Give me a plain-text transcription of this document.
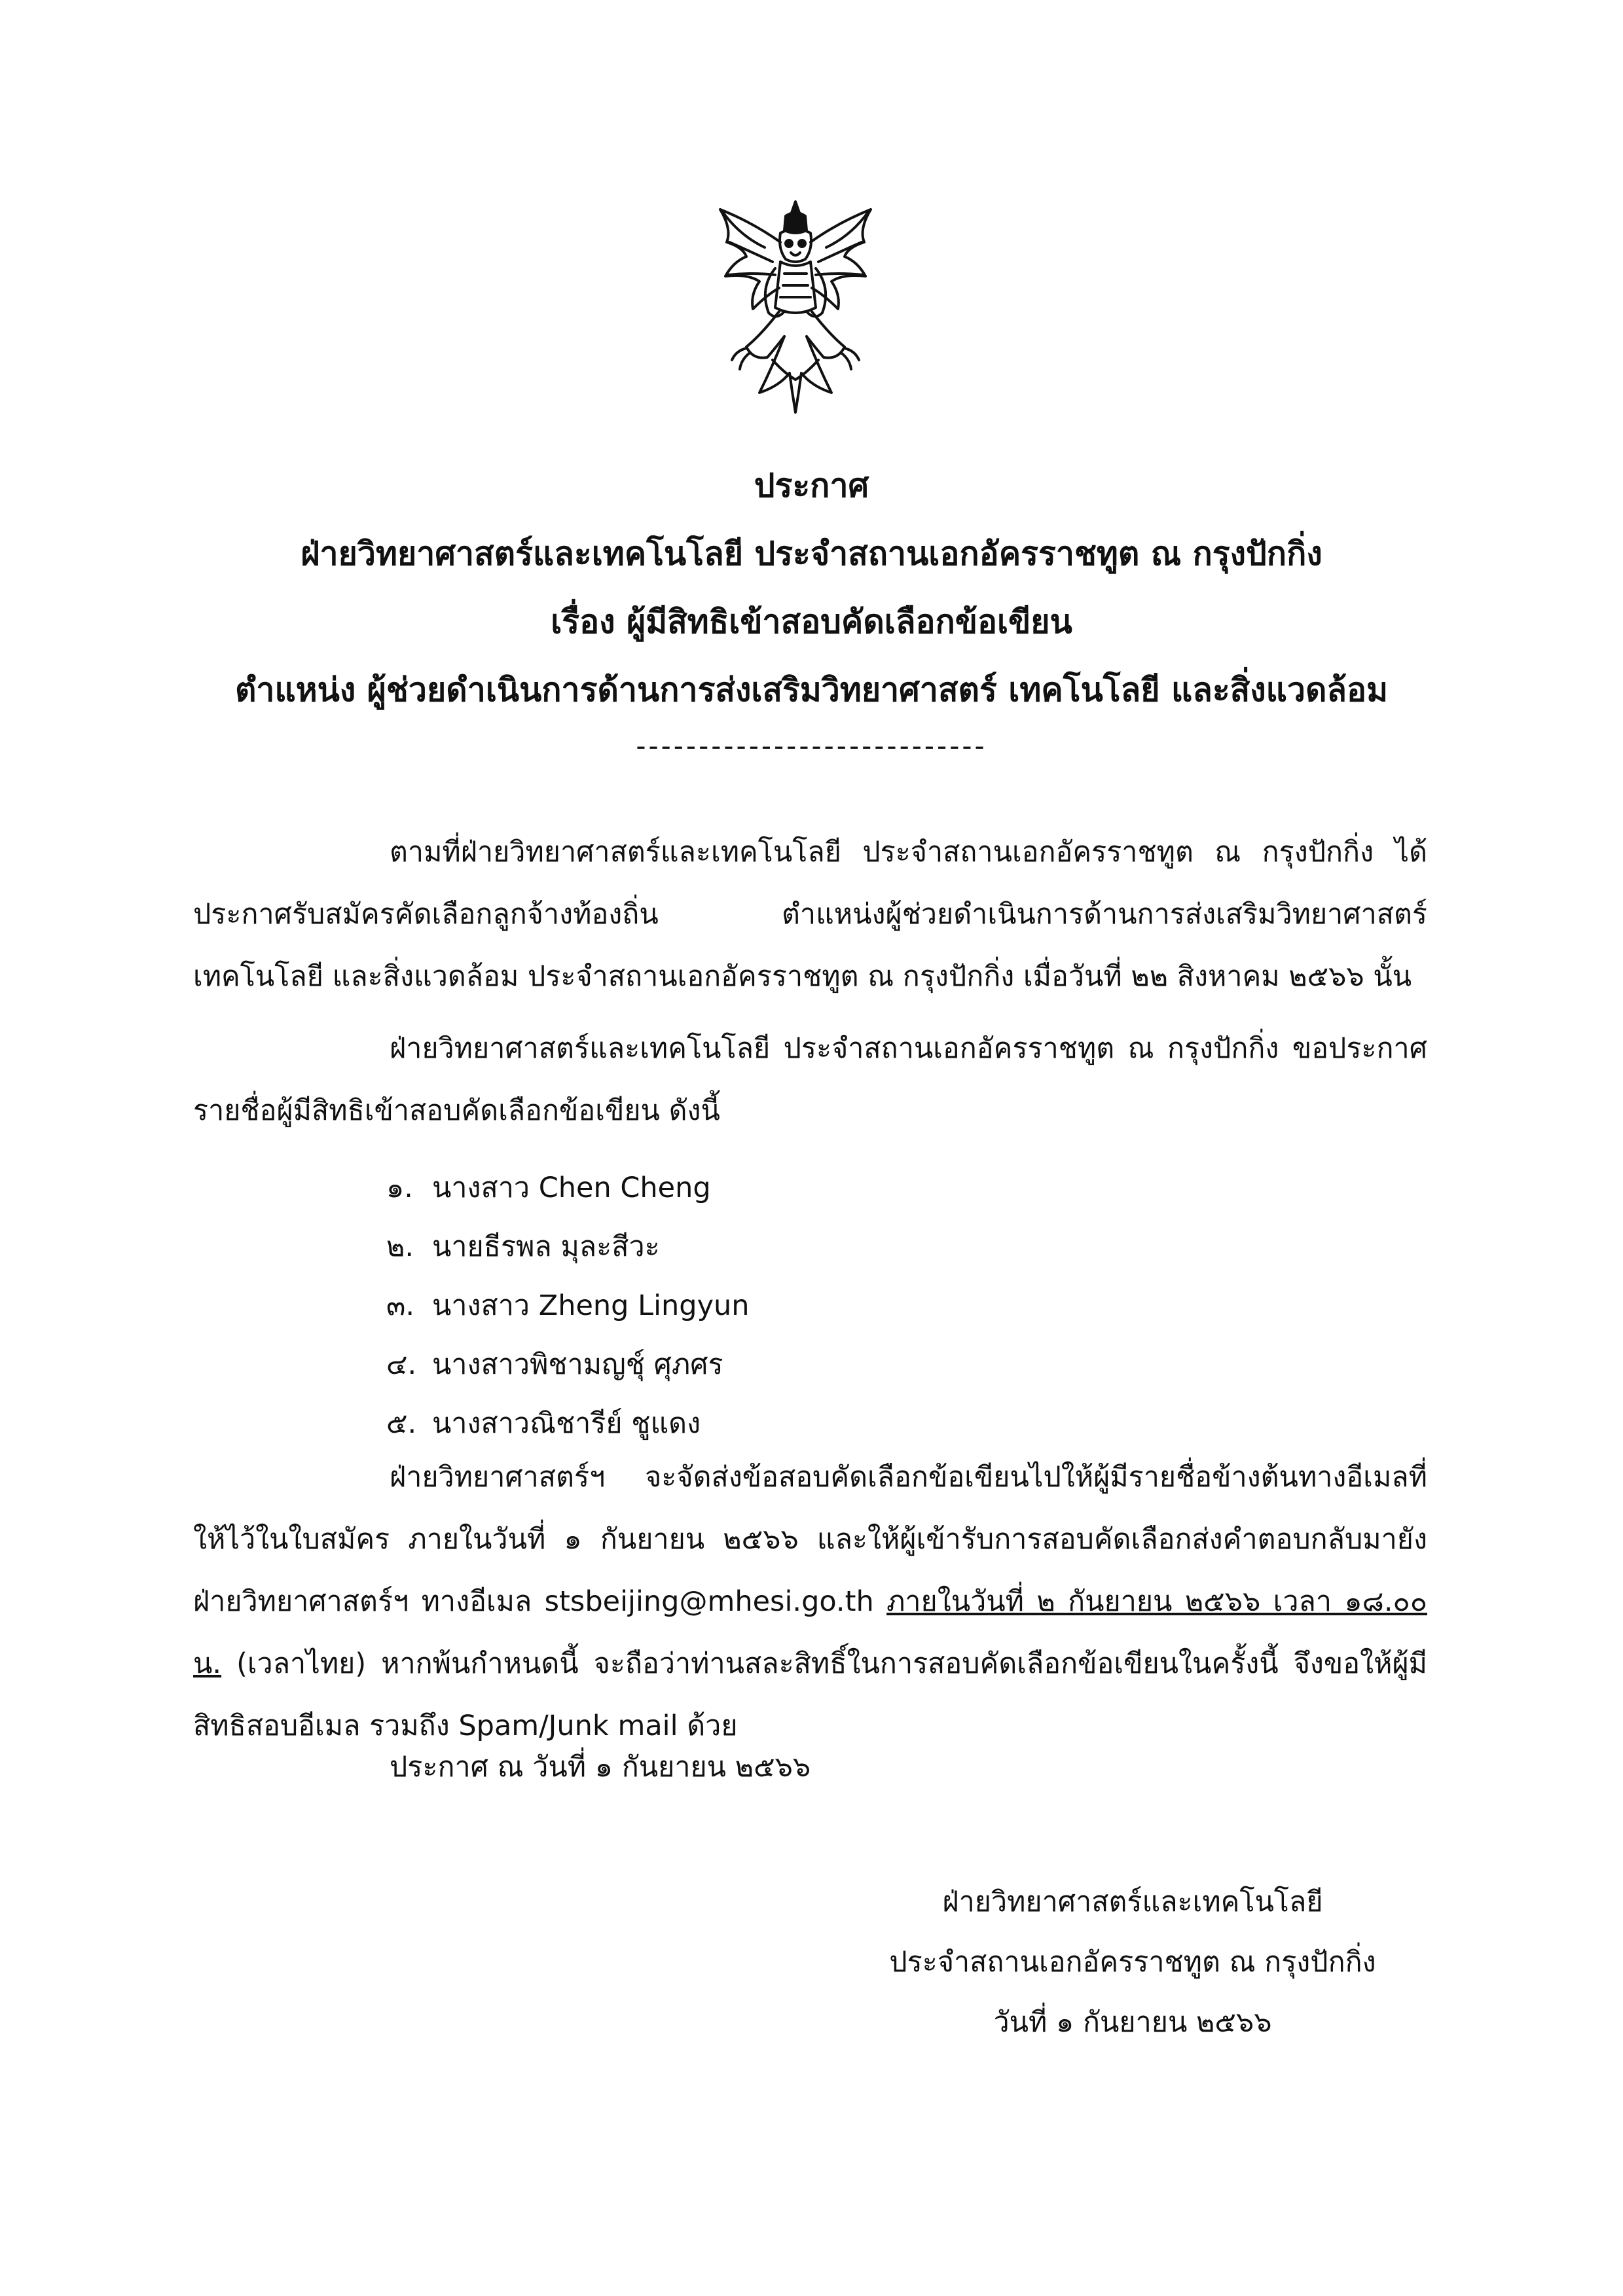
ประกาศ
ฝ่ายวิทยาศาสตร์และเทคโนโลยี ประจำสถานเอกอัครราชทูต ณ กรุงปักกิ่ง
เรื่อง ผู้มีสิทธิเข้าสอบคัดเลือกข้อเขียน
ตำแหน่ง ผู้ช่วยดำเนินการด้านการส่งเสริมวิทยาศาสตร์ เทคโนโลยี และสิ่งแวดล้อม
----------------------------

ตามที่ฝ่ายวิทยาศาสตร์และเทคโนโลยี ประจำสถานเอกอัครราชทูต ณ กรุงปักกิ่ง ได้ประกาศรับสมัครคัดเลือกลูกจ้างท้องถิ่น ตำแหน่งผู้ช่วยดำเนินการด้านการส่งเสริมวิทยาศาสตร์ เทคโนโลยี และสิ่งแวดล้อม ประจำสถานเอกอัครราชทูต ณ กรุงปักกิ่ง เมื่อวันที่ ๒๒ สิงหาคม ๒๕๖๖ นั้น

ฝ่ายวิทยาศาสตร์และเทคโนโลยี ประจำสถานเอกอัครราชทูต ณ กรุงปักกิ่ง ขอประกาศรายชื่อผู้มีสิทธิเข้าสอบคัดเลือกข้อเขียน ดังนี้

๑. นางสาว Chen Cheng
๒. นายธีรพล มุละสีวะ
๓. นางสาว Zheng Lingyun
๔. นางสาวพิชามญชุ์ ศุภศร
๕. นางสาวณิชารีย์ ชูแดง

ฝ่ายวิทยาศาสตร์ฯ จะจัดส่งข้อสอบคัดเลือกข้อเขียนไปให้ผู้มีรายชื่อข้างต้นทางอีเมลที่ให้ไว้ในใบสมัคร ภายในวันที่ ๑ กันยายน ๒๕๖๖ และให้ผู้เข้ารับการสอบคัดเลือกส่งคำตอบกลับมายังฝ่ายวิทยาศาสตร์ฯ ทางอีเมล stsbeijing@mhesi.go.th ภายในวันที่ ๒ กันยายน ๒๕๖๖ เวลา ๑๘.๐๐ น. (เวลาไทย) หากพ้นกำหนดนี้ จะถือว่าท่านสละสิทธิ์ในการสอบคัดเลือกข้อเขียนในครั้งนี้ จึงขอให้ผู้มีสิทธิสอบอีเมล รวมถึง Spam/Junk mail ด้วย

ประกาศ ณ วันที่ ๑ กันยายน ๒๕๖๖
ฝ่ายวิทยาศาสตร์และเทคโนโลยี
ประจำสถานเอกอัครราชทูต ณ กรุงปักกิ่ง
วันที่ ๑ กันยายน ๒๕๖๖
